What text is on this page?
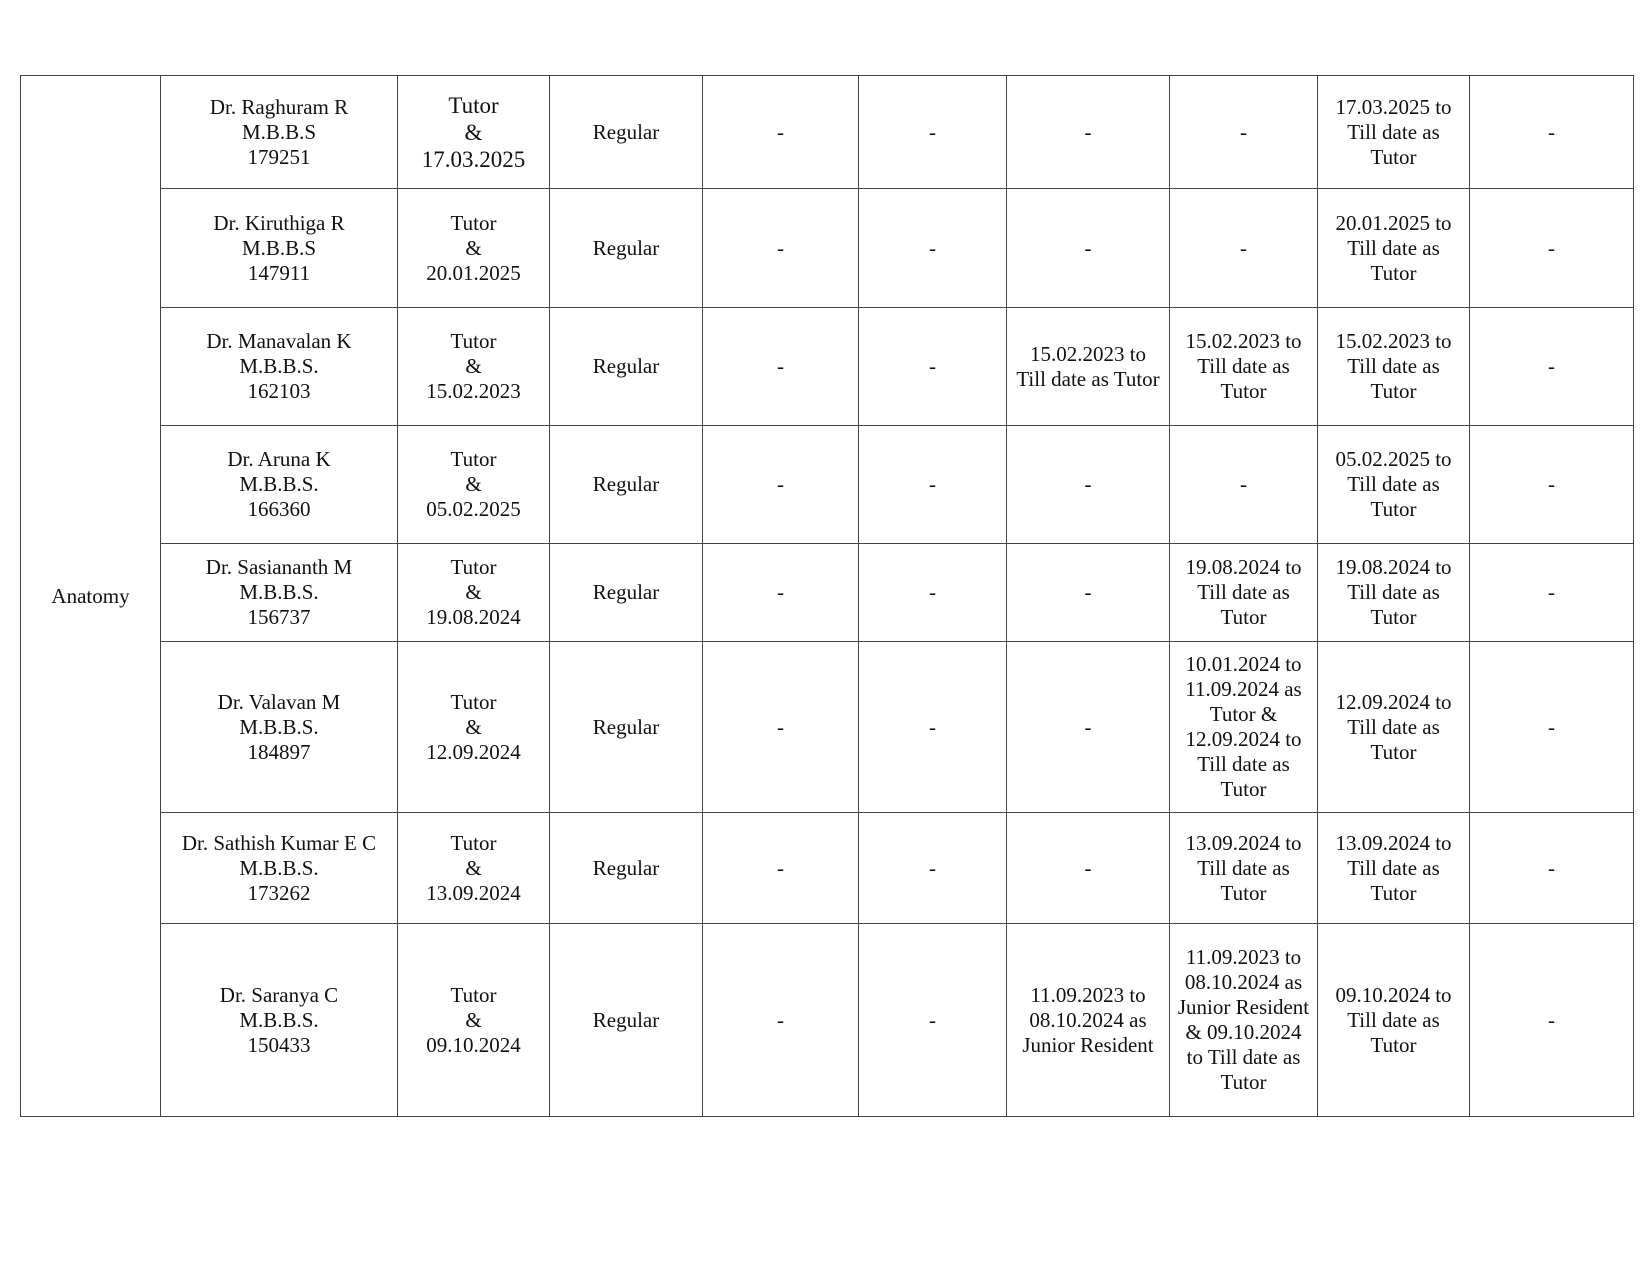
Anatomy	Dr. Raghuram R
M.B.B.S
179251	Tutor
&
17.03.2025	Regular	-	-	-	-	17.03.2025 to Till date as Tutor	-

	Dr. Kiruthiga R
M.B.B.S
147911	Tutor
&
20.01.2025	Regular	-	-	-	-	20.01.2025 to Till date as Tutor	-

	Dr. Manavalan K
M.B.B.S.
162103	Tutor
&
15.02.2023	Regular	-	-	15.02.2023 to Till date as Tutor	15.02.2023 to Till date as Tutor	15.02.2023 to Till date as Tutor	-

	Dr. Aruna K
M.B.B.S.
166360	Tutor
&
05.02.2025	Regular	-	-	-	-	05.02.2025 to Till date as Tutor	-

	Dr. Sasiananth M
M.B.B.S.
156737	Tutor
&
19.08.2024	Regular	-	-	-	19.08.2024 to Till date as Tutor	19.08.2024 to Till date as Tutor	-

	Dr. Valavan M
M.B.B.S.
184897	Tutor
&
12.09.2024	Regular	-	-	-	10.01.2024 to 11.09.2024 as Tutor & 12.09.2024 to Till date as Tutor	12.09.2024 to Till date as Tutor	-

	Dr. Sathish Kumar E C
M.B.B.S.
173262	Tutor
&
13.09.2024	Regular	-	-	-	13.09.2024 to Till date as Tutor	13.09.2024 to Till date as Tutor	-

	Dr. Saranya C
M.B.B.S.
150433	Tutor
&
09.10.2024	Regular	-	-	11.09.2023 to 08.10.2024 as Junior Resident	11.09.2023 to 08.10.2024 as Junior Resident & 09.10.2024 to Till date as Tutor	09.10.2024 to Till date as Tutor	-
